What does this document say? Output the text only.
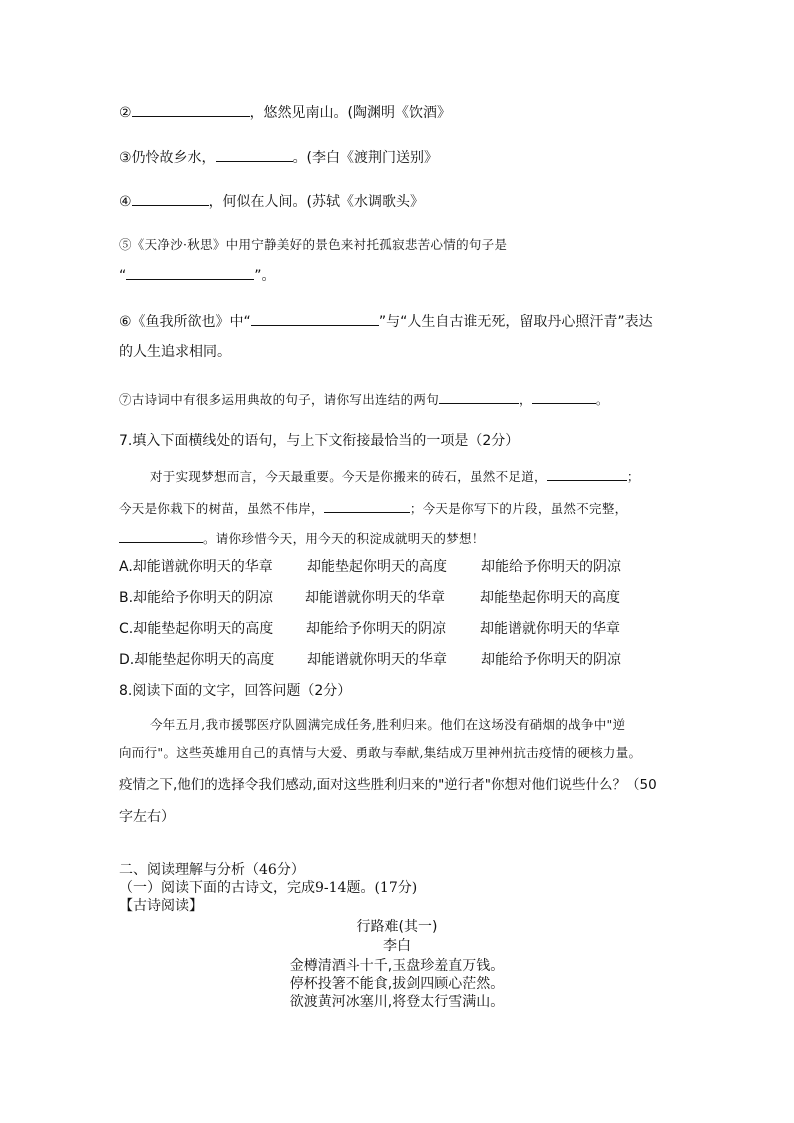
②	，悠然见南山。(陶渊明《饮酒》
③仍怜故乡水，	。(李白《渡荆门送别》
④	，何似在人间。(苏轼《水调歌头》
⑤《天净沙·秋思》中用宁静美好的景色来衬托孤寂悲苦心情的句子是
“	”。
⑥《鱼我所欲也》中“	”与“人生自古谁无死，留取丹心照汗青”表达
的人生追求相同。
⑦古诗词中有很多运用典故的句子，请你写出连结的两句	，	。
7.填入下面横线处的语句，与上下文衔接最恰当的一项是（2分）
对于实现梦想而言，今天最重要。今天是你搬来的砖石，虽然不足道，	；
今天是你栽下的树苗，虽然不伟岸，	；今天是你写下的片段，虽然不完整，
。请你珍惜今天，用今天的积淀成就明天的梦想！
A.却能谱就你明天的华章 却能垫起你明天的高度 却能给予你明天的阴凉
B.却能给予你明天的阴凉 却能谱就你明天的华章	却能垫起你明天的高度
C.却能垫起你明天的高度 却能给予你明天的阴凉 却能谱就你明天的华章
D.却能垫起你明天的高度 却能谱就你明天的华章 却能给予你明天的阴凉
8.阅读下面的文字，回答问题（2分）
今年五月,我市援鄂医疗队圆满完成任务,胜利归来。他们在这场没有硝烟的战争中"逆
向而行"。这些英雄用自己的真情与大爱、勇敢与奉献,集结成万里神州抗击疫情的硬核力量。
疫情之下,他们的选择令我们感动,面对这些胜利归来的"逆行者"你想对他们说些什么？（50
字左右）
二、阅读理解与分析（46分）
（一）阅读下面的古诗文，完成9-14题。(17分)
【古诗阅读】
行路难(其一)
李白
金樽清酒斗十千,玉盘珍羞直万钱。
停杯投箸不能食,拔剑四顾心茫然。
欲渡黄河冰塞川,将登太行雪满山。
